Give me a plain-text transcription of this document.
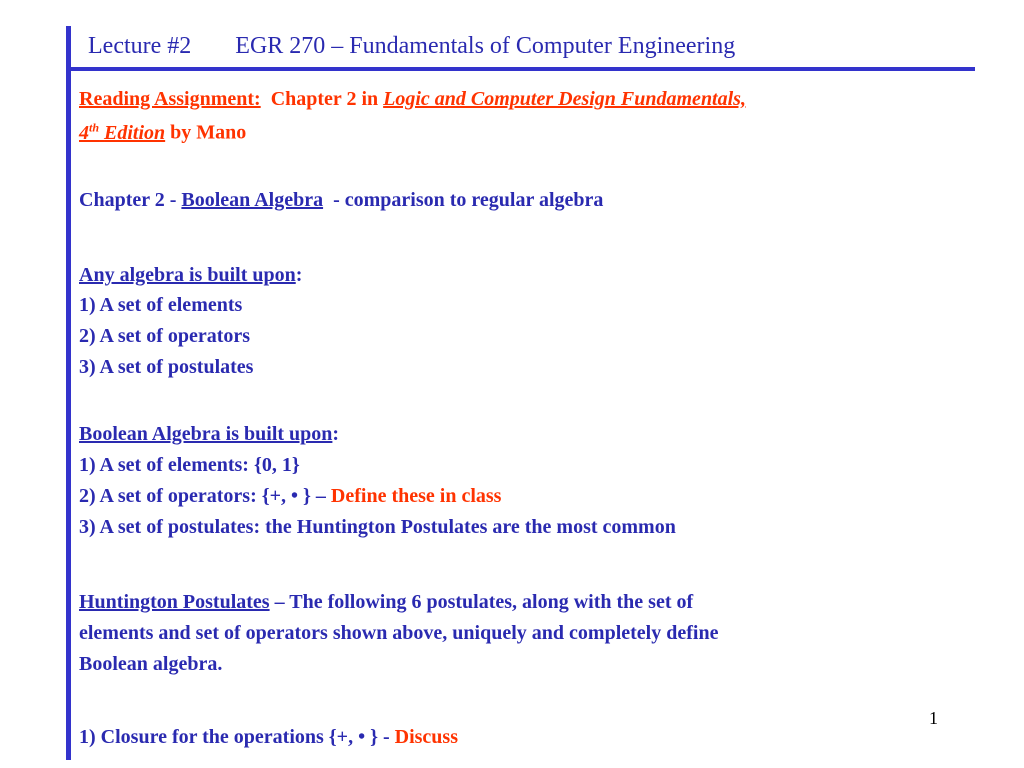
Lecture #2 EGR 270 – Fundamentals of Computer Engineering
Reading Assignment: Chapter 2 in Logic and Computer Design Fundamentals,
4th Edition by Mano
Chapter 2 - Boolean Algebra - comparison to regular algebra
Any algebra is built upon:
1) A set of elements
2) A set of operators
3) A set of postulates
Boolean Algebra is built upon:
1) A set of elements: {0, 1}
2) A set of operators: {+, • } – Define these in class
3) A set of postulates: the Huntington Postulates are the most common
Huntington Postulates – The following 6 postulates, along with the set of
elements and set of operators shown above, uniquely and completely define
Boolean algebra.
1) Closure for the operations {+, • } - Discuss
1
